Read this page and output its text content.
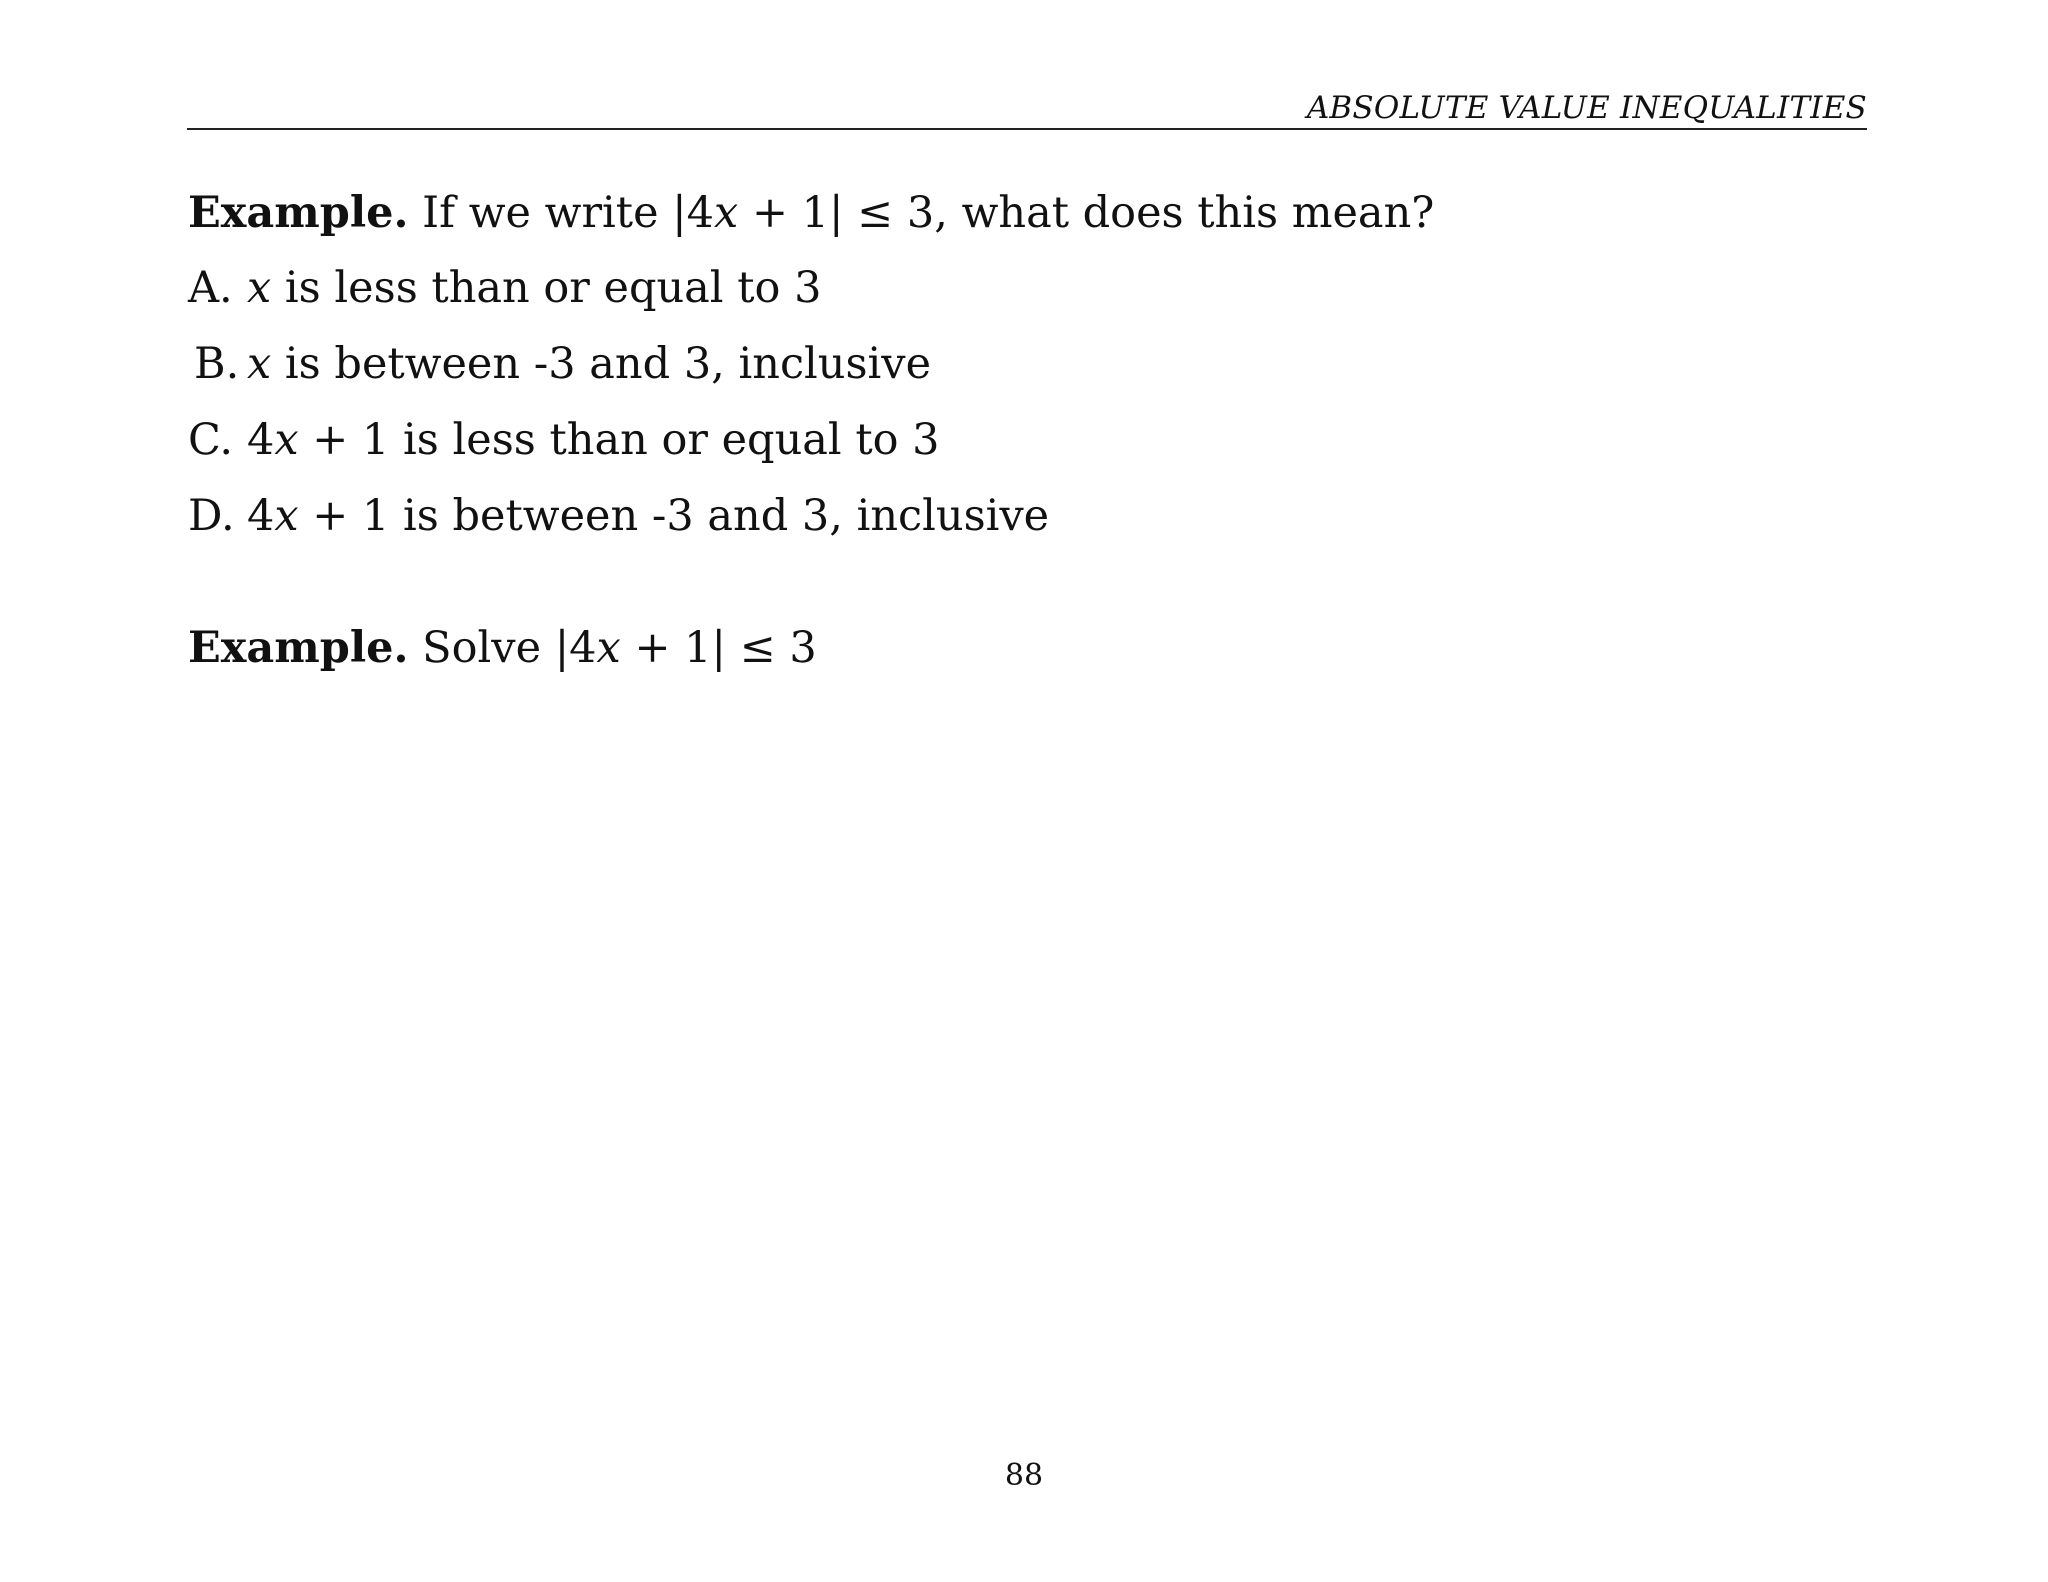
ABSOLUTE VALUE INEQUALITIES
Example. If we write |4x + 1| ≤ 3, what does this mean?
A. x is less than or equal to 3
B. x is between -3 and 3, inclusive
C. 4x + 1 is less than or equal to 3
D. 4x + 1 is between -3 and 3, inclusive
Example. Solve |4x + 1| ≤ 3
88
